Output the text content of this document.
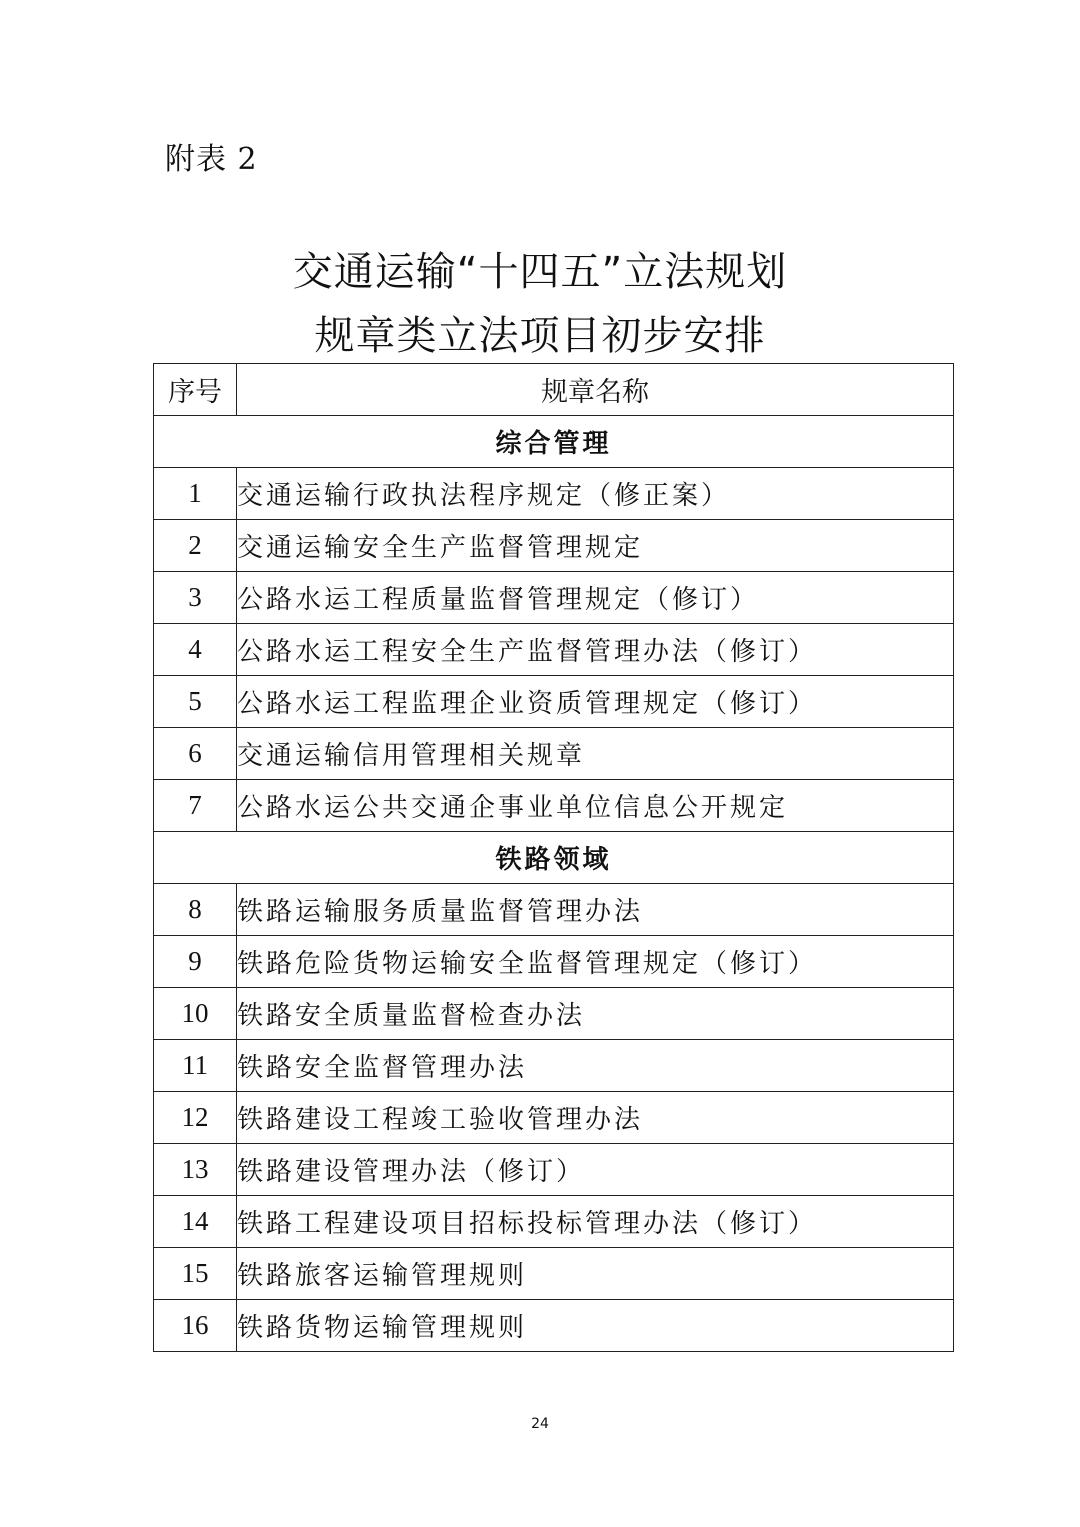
附表 2
交通运输“十四五”立法规划
规章类立法项目初步安排
序号	规章名称
综合管理	
1	交通运输行政执法程序规定（修正案）
2	交通运输安全生产监督管理规定
3	公路水运工程质量监督管理规定（修订）
4	公路水运工程安全生产监督管理办法（修订）
5	公路水运工程监理企业资质管理规定（修订）
6	交通运输信用管理相关规章
7	公路水运公共交通企事业单位信息公开规定
铁路领域	
8	铁路运输服务质量监督管理办法
9	铁路危险货物运输安全监督管理规定（修订）
10	铁路安全质量监督检查办法
11	铁路安全监督管理办法
12	铁路建设工程竣工验收管理办法
13	铁路建设管理办法（修订）
14	铁路工程建设项目招标投标管理办法（修订）
15	铁路旅客运输管理规则
16	铁路货物运输管理规则
24
